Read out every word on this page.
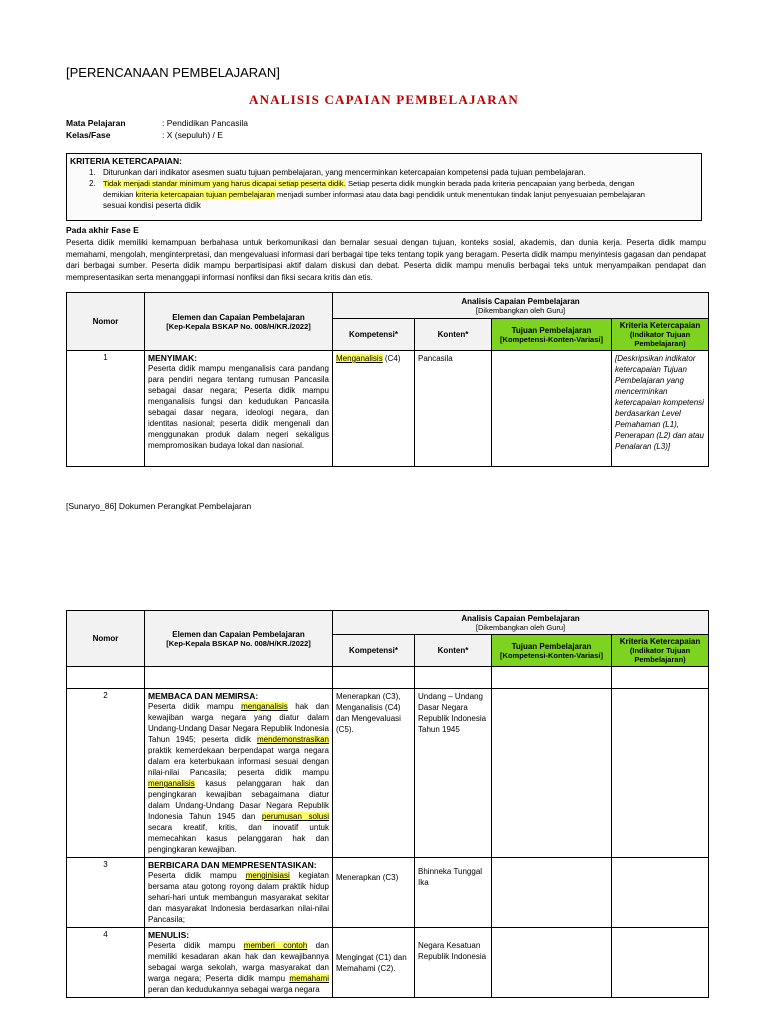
[PERENCANAAN PEMBELAJARAN]
ANALISIS CAPAIAN PEMBELAJARAN
Mata Pelajaran	: Pendidikan Pancasila
Kelas/Fase	: X (sepuluh) / E
KRITERIA KETERCAPAIAN:
1. Diturunkan dari indikator asesmen suatu tujuan pembelajaran, yang mencerminkan ketercapaian kompetensi pada tujuan pembelajaran.
2. Tidak menjadi standar minimum yang harus dicapai setiap peserta didik. Setiap peserta didik mungkin berada pada kriteria pencapaian yang berbeda, dengan
demikian kriteria ketercapaian tujuan pembelajaran menjadi sumber informasi atau data bagi pendidik untuk menentukan tindak lanjut penyesuaian pembelajaran
sesuai kondisi peserta didik
Pada akhir Fase E
Peserta didik memiliki kemampuan berbahasa untuk berkomunikasi dan bernalar sesuai dengan tujuan, konteks sosial, akademis, dan dunia kerja. Peserta didik mampu memahami, mengolah, menginterpretasi, dan mengevaluasi informasi dari berbagai tipe teks tentang topik yang beragam. Peserta didik mampu menyintesis gagasan dan pendapat dari berbagai sumber. Peserta didik mampu berpartisipasi aktif dalam diskusi dan debat. Peserta didik mampu menulis berbagai teks untuk menyampaikan pendapat dan mempresentasikan serta menanggapi informasi nonfiksi dan fiksi secara kritis dan etis.
Nomor	Elemen dan Capaian Pembelajaran
[Kep-Kepala BSKAP No. 008/H/KR./2022]	Analisis Capaian Pembelajaran
[Dikembangkan oleh Guru]			

		Kompetensi*	Konten*	Tujuan Pembelajaran
[Kompetensi-Konten-Variasi]	Kriteria Ketercapaian
(Indikator Tujuan Pembelajaran)

1	MENYIMAK:
Peserta didik mampu menganalisis cara pandang para pendiri negara tentang rumusan Pancasila sebagai dasar negara; Peserta didik mampu menganalisis fungsi dan kedudukan Pancasila sebagai dasar negara, ideologi negara, dan identitas nasional; peserta didik mengenali dan menggunakan produk dalam negeri sekaligus mempromosikan budaya lokal dan nasional.	Menganalisis (C4)	Pancasila		[Deskripsikan indikator ketercapaian Tujuan Pembelajaran yang mencerminkan ketercapaian kompetensi berdasarkan Level Pemahaman (L1), Penerapan (L2) dan atau Penalaran (L3)]
[Sunaryo_86] Dokumen Perangkat Pembelajaran
Nomor	Elemen dan Capaian Pembelajaran
[Kep-Kepala BSKAP No. 008/H/KR./2022]	Analisis Capaian Pembelajaran
[Dikembangkan oleh Guru]			

		Kompetensi*	Konten*	Tujuan Pembelajaran
[Kompetensi-Konten-Variasi]	Kriteria Ketercapaian
(Indikator Tujuan Pembelajaran)

2	MEMBACA DAN MEMIRSA:
Peserta didik mampu menganalisis hak dan kewajiban warga negara yang diatur dalam Undang-Undang Dasar Negara Republik Indonesia Tahun 1945; peserta didik mendemonstrasikan praktik kemerdekaan berpendapat warga negara dalam era keterbukaan informasi sesuai dengan nilai-nilai Pancasila; peserta didik mampu menganalisis kasus pelanggaran hak dan pengingkaran kewajiban sebagaimana diatur dalam Undang-Undang Dasar Negara Republik Indonesia Tahun 1945 dan perumusan solusi secara kreatif, kritis, dan inovatif untuk memecahkan kasus pelanggaran hak dan pengingkaran kewajiban.	Menerapkan (C3), Menganalisis (C4) dan Mengevaluasi (C5).	Undang – Undang Dasar Negara Republik Indonesia Tahun 1945		
3	BERBICARA DAN MEMPRESENTASIKAN:
Peserta didik mampu menginisiasi kegiatan bersama atau gotong royong dalam praktik hidup sehari-hari untuk membangun masyarakat sekitar dan masyarakat Indonesia berdasarkan nilai-nilai Pancasila;	Menerapkan (C3)	Bhinneka Tunggal Ika		
4	MENULIS:
Peserta didik mampu memberi contoh dan memiliki kesadaran akan hak dan kewajibannya sebagai warga sekolah, warga masyarakat dan warga negara; Peserta didik mampu memahami peran dan kedudukannya sebagai warga negara	Mengingat (C1) dan Memahami (C2).	Negara Kesatuan Republik Indonesia		
